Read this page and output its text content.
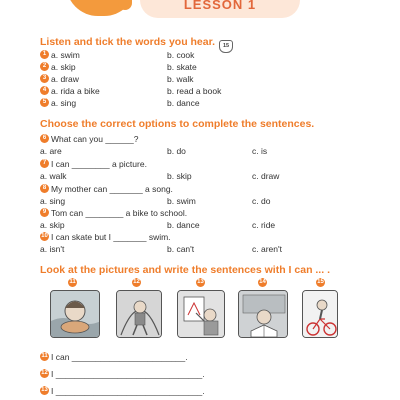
LESSON 1
Listen and tick the words you hear. 15
1 a. swim	b. cook
2 a. skip	b. skate
3 a. draw	b. walk
4 a. rida a bike	b. read a book
5 a. sing	b. dance
Choose the correct options to complete the sentences.
6 What can you ______?
a. are	b. do	c. is
7 I can ________ a picture.
a. walk	b. skip	c. draw
8 My mother can _______ a song.
a. sing	b. swim	c. do
9 Tom can ________ a bike to school.
a. skip	b. dance	c. ride
10 I can skate but I _______ swim.
a. isn't	b. can't	c. aren't
Look at the pictures and write the sentences with I can ... .
11	12	13	14	15
11 I can ________________________.
12 I _______________________________.
13 I _______________________________.
